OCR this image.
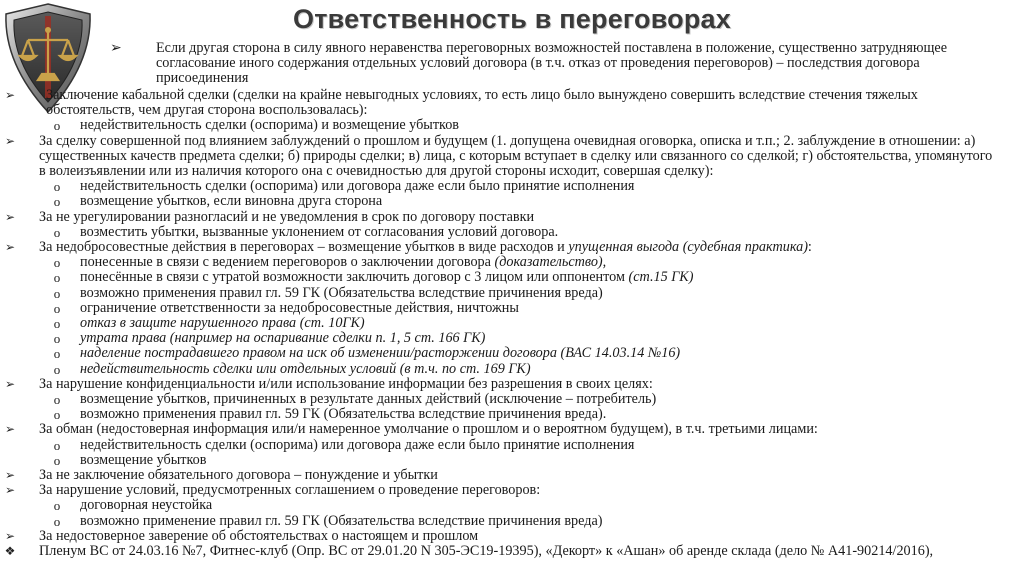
Ответственность в переговорах
➢	Если другая сторона в силу явного неравенства переговорных возможностей поставлена в положение, существенно затрудняющее согласование иного содержания отдельных условий договора (в т.ч. отказ от проведения переговоров) – последствия договора присоединения
➢	Заключение кабальной сделки (сделки на крайне невыгодных условиях, то есть лицо было вынуждено совершить вследствие стечения тяжелых обстоятельств, чем другая сторона воспользовалась):
o	недействительность сделки (оспорима) и возмещение убытков
➢	За сделку совершенной под влиянием заблуждений о прошлом и будущем (1. допущена очевидная оговорка, описка и т.п.; 2. заблуждение в отношении: а) существенных качеств предмета сделки; б) природы сделки; в) лица, с которым вступает в сделку или связанного со сделкой; г) обстоятельства, упомянутого в волеизъявлении или из наличия которого она с очевидностью для другой стороны исходит, совершая сделку):
o	недействительность сделки (оспорима) или договора даже если было принятие исполнения
o	возмещение убытков, если виновна друга сторона
➢	За не урегулировании разногласий и не уведомления в срок по договору поставки
o	возместить убытки, вызванные уклонением от согласования условий договора.
➢	За недобросовестные действия в переговорах – возмещение убытков в виде расходов и упущенная выгода (судебная практика):
o	понесенные в связи с ведением переговоров о заключении договора (доказательство),
o	понесённые в связи с утратой возможности заключить договор с 3 лицом или оппонентом (ст.15 ГК)
o	возможно применения правил гл. 59 ГК (Обязательства вследствие причинения вреда)
o	ограничение ответственности за недобросовестные действия, ничтожны
o	отказ в защите нарушенного права (ст. 10ГК)
o	утрата права (например на оспаривание сделки п. 1, 5 ст. 166 ГК)
o	наделение пострадавшего правом на иск об изменении/расторжении договора (ВАС 14.03.14 №16)
o	недействительность сделки или отдельных условий (в т.ч. по ст. 169 ГК)
➢	За нарушение конфиденциальности и/или использование информации без разрешения в своих целях:
o	возмещение убытков, причиненных в результате данных действий (исключение – потребитель)
o	возможно применения правил гл. 59 ГК (Обязательства вследствие причинения вреда).
➢	За обман (недостоверная информация или/и намеренное умолчание о прошлом и о вероятном будущем), в т.ч. третьими лицами:
o	недействительность сделки (оспорима) или договора даже если было принятие исполнения
o	возмещение убытков
➢	За не заключение обязательного договора – понуждение и убытки
➢	За нарушение условий, предусмотренных соглашением о проведение переговоров:
o	договорная неустойка
o	возможно применение правил гл. 59 ГК (Обязательства вследствие причинения вреда)
➢	За недостоверное заверение об обстоятельствах о настоящем и прошлом
❖	Пленум ВС от 24.03.16 №7, Фитнес-клуб (Опр. ВС от 29.01.20 N 305-ЭС19-19395), «Декорт» к «Ашан» об аренде склада (дело № А41-90214/2016),
